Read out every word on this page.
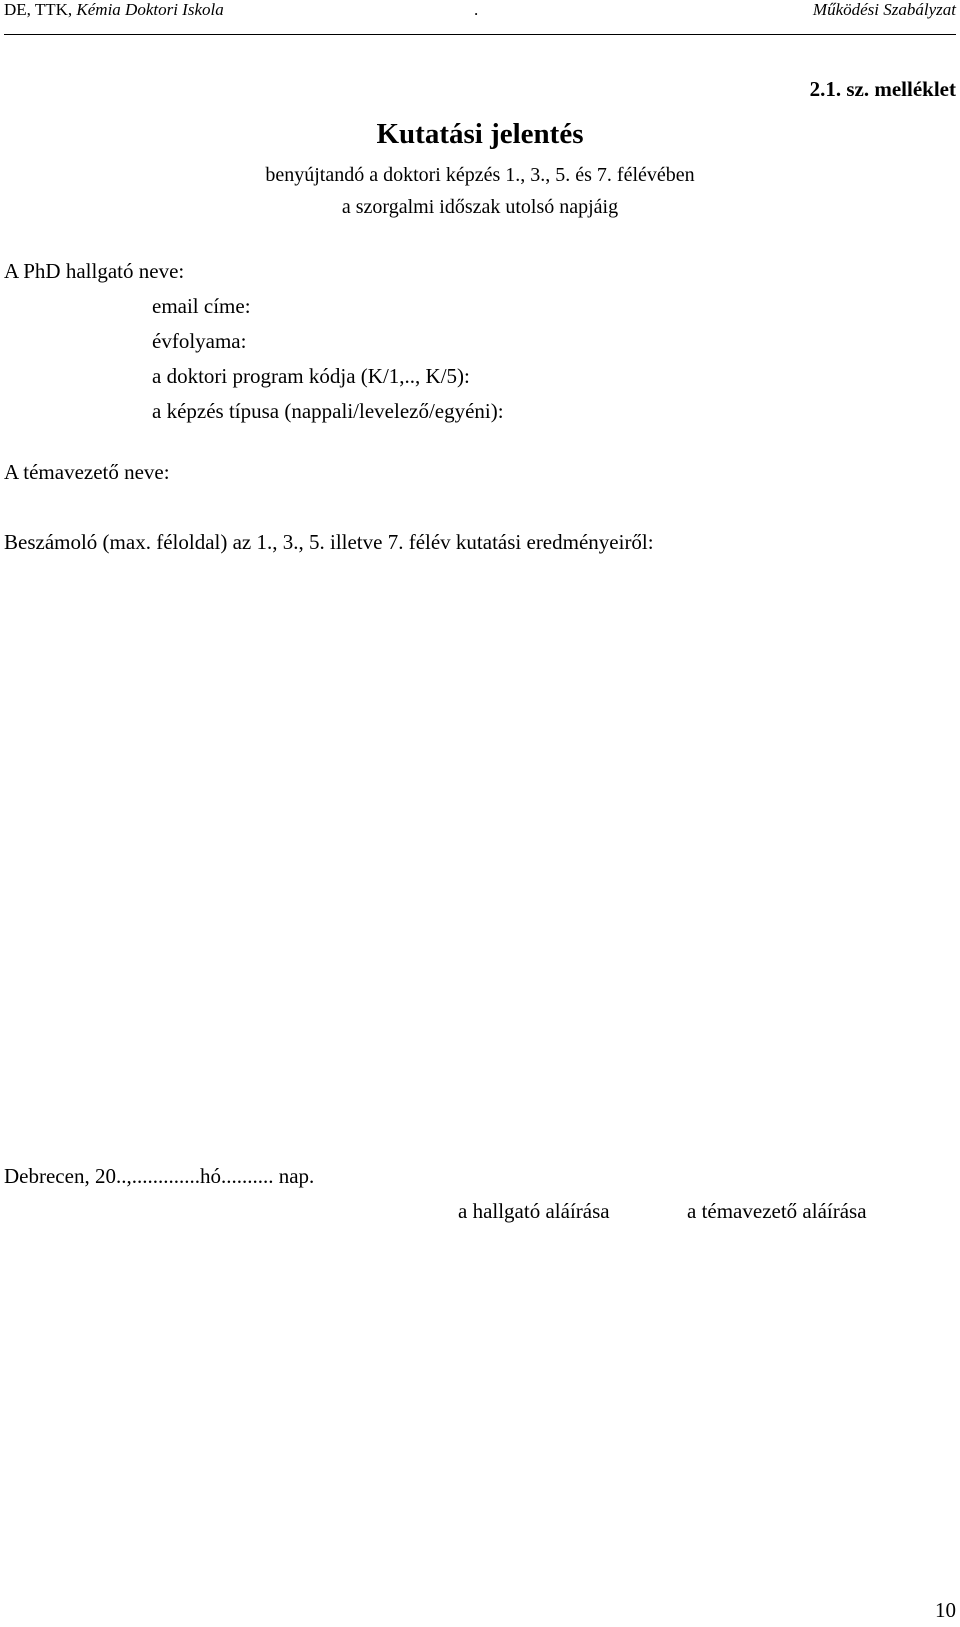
DE, TTK, Kémia Doktori Iskola	.	Működési Szabályzat
2.1. sz. melléklet
Kutatási jelentés
benyújtandó a doktori képzés 1., 3., 5. és 7. félévében
a szorgalmi időszak utolsó napjáig
A PhD hallgató neve:
email címe:
évfolyama:
a doktori program kódja (K/1,.., K/5):
a képzés típusa (nappali/levelező/egyéni):
A témavezető neve:
Beszámoló (max. féloldal) az 1., 3., 5. illetve 7. félév kutatási eredményeiről:
Debrecen, 20..,.............hó.......... nap.
a hallgató aláírása	a témavezető aláírása
10
